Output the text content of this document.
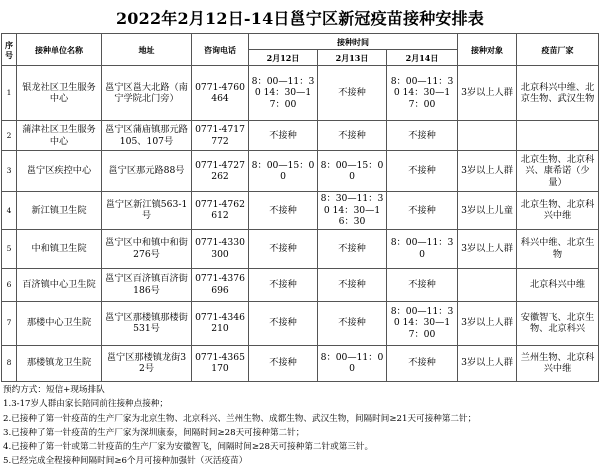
2022年2月12日-14日邕宁区新冠疫苗接种安排表
序号	接种单位名称	地址	咨询电话	接种时间			接种对象	疫苗厂家
				2月12日	2月13日	2月14日		
1	银龙社区卫生服务中心	邕宁区邕大北路（南宁学院北门旁）	0771-4760464	8：00—11：30 14：30—17：00	不接种	8：00—11：30 14：30—17：00	3岁以上人群	北京科兴中维、北京生物、武汉生物
2	蒲津社区卫生服务中心	邕宁区蒲庙镇那元路105、107号	0771-4717772	不接种	不接种	不接种		
3	邕宁区疾控中心	邕宁区那元路88号	0771-4727262	8：00—15：00	8：00—15：00	不接种	3岁以上人群	北京生物、北京科兴、康希诺（少量）
4	新江镇卫生院	邕宁区新江镇563-1号	0771-4762612	不接种	8：30—11：30 14：30—16：30	不接种	3岁以上儿童	北京生物、北京科兴中维
5	中和镇卫生院	邕宁区中和镇中和街276号	0771-4330300	不接种	不接种	8：00—11：30	3岁以上人群	科兴中维、北京生物
6	百济镇中心卫生院	邕宁区百济镇百济街186号	0771-4376696	不接种	不接种	不接种		北京科兴中维
7	那楼中心卫生院	邕宁区那楼镇那楼街531号	0771-4346210	不接种	不接种	8：00—11：30 14：30—17：00	3岁以上人群	安徽智飞、北京生物、北京科兴
8	那楼镇龙卫生院	邕宁区那楼镇龙街32号	0771-4365170	不接种	8：00—11：00	不接种	3岁以上人群	兰州生物、北京科兴中维
预约方式：短信+现场排队
1.3-17岁人群由家长陪同前往接种点接种；
2.已接种了第一针疫苗的生产厂家为北京生物、北京科兴、兰州生物、成都生物、武汉生物，间隔时间≥21天可接种第二针；
3.已接种了第一针疫苗的生产厂家为深圳康泰，间隔时间≥28天可接种第二针；
4.已接种了第一针或第二针疫苗的生产厂家为安徽智飞，间隔时间≥28天可接种第二针或第三针。
5.已经完成全程接种间隔时间≥6个月可接种加强针（灭活疫苗）
